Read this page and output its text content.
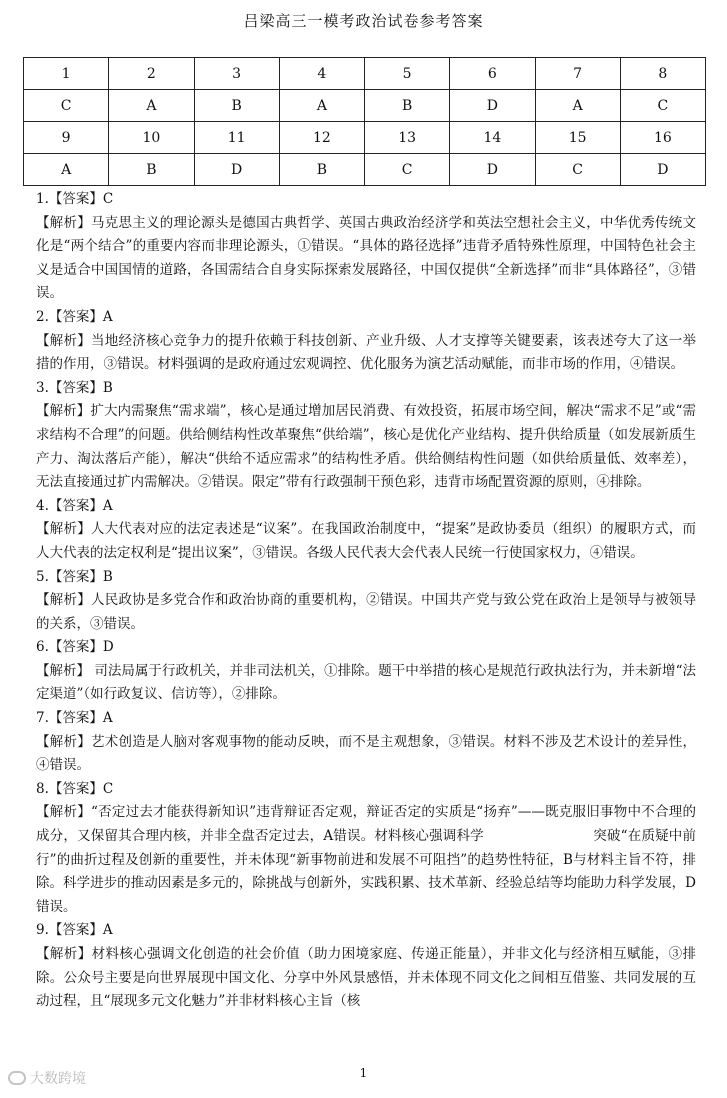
吕梁高三一模考政治试卷参考答案
1	2	3	4	5	6	7	8
C	A	B	A	B	D	A	C
9	10	11	12	13	14	15	16
A	B	D	B	C	D	C	D

1.【答案】C

【解析】马克思主义的理论源头是德国古典哲学、英国古典政治经济学和英法空想社会主义，中华优秀传统文化是“两个结合”的重要内容而非理论源头，①错误。“具体的路径选择”违背矛盾特殊性原理，中国特色社会主义是适合中国国情的道路，各国需结合自身实际探索发展路径，中国仅提供“全新选择”而非“具体路径”，③错误。

2.【答案】A

【解析】当地经济核心竞争力的提升依赖于科技创新、产业升级、人才支撑等关键要素，该表述夸大了这一举措的作用，③错误。材料强调的是政府通过宏观调控、优化服务为演艺活动赋能，而非市场的作用，④错误。

3.【答案】B

【解析】扩大内需聚焦“需求端”，核心是通过增加居民消费、有效投资，拓展市场空间，解决“需求不足”或“需求结构不合理”的问题。供给侧结构性改革聚焦“供给端”，核心是优化产业结构、提升供给质量（如发展新质生产力、淘汰落后产能），解决“供给不适应需求”的结构性矛盾。供给侧结构性问题（如供给质量低、效率差），无法直接通过扩内需解决。②错误。限定”带有行政强制干预色彩，违背市场配置资源的原则，④排除。

4.【答案】A

【解析】人大代表对应的法定表述是“议案”。在我国政治制度中，“提案”是政协委员（组织）的履职方式，而人大代表的法定权利是“提出议案”，③错误。各级人民代表大会代表人民统一行使国家权力，④错误。

5.【答案】B

【解析】人民政协是多党合作和政治协商的重要机构，②错误。中国共产党与致公党在政治上是领导与被领导的关系，③错误。

6.【答案】D

【解析】 司法局属于行政机关，并非司法机关，①排除。题干中举措的核心是规范行政执法行为，并未新增“法定渠道”（如行政复议、信访等），②排除。

7.【答案】A

【解析】艺术创造是人脑对客观事物的能动反映，而不是主观想象，③错误。材料不涉及艺术设计的差异性，④错误。

8.【答案】C

【解析】“否定过去才能获得新知识”违背辩证否定观，辩证否定的实质是“扬弃”——既克服旧事物中不合理的成分，又保留其合理内核，并非全盘否定过去，A错误。材料核心强调科学　　　　　　　　突破“在质疑中前行”的曲折过程及创新的重要性，并未体现“新事物前进和发展不可阻挡”的趋势性特征，B与材料主旨不符，排除。科学进步的推动因素是多元的，除挑战与创新外，实践积累、技术革新、经验总结等均能助力科学发展，D错误。

9.【答案】A

【解析】材料核心强调文化创造的社会价值（助力困境家庭、传递正能量），并非文化与经济相互赋能，③排除。公众号主要是向世界展现中国文化、分享中外风景感悟，并未体现不同文化之间相互借鉴、共同发展的互动过程，且“展现多元文化魅力”并非材料核心主旨（核

1
大数跨境
